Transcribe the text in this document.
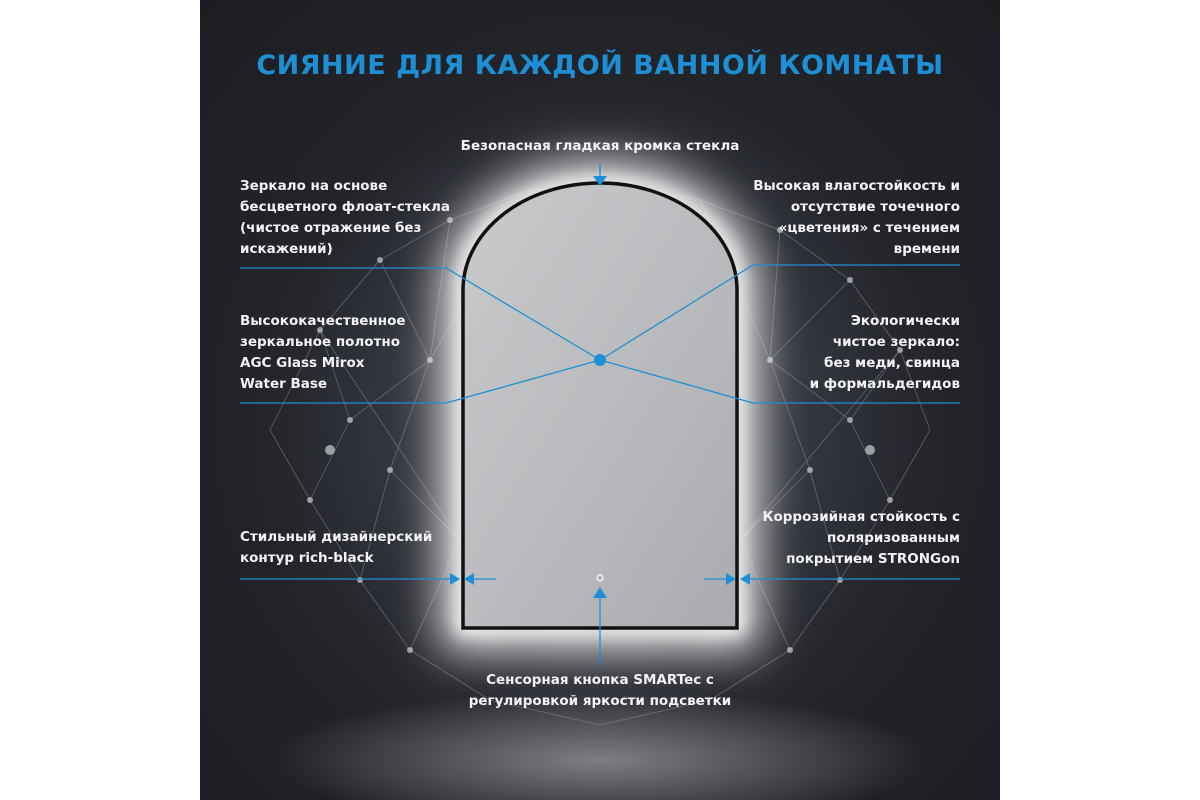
СИЯНИЕ ДЛЯ КАЖДОЙ ВАННОЙ КОМНАТЫ
Безопасная гладкая кромка стекла
Зеркало на основе
бесцветного флоат-стекла
(чистое отражение без
искажений)
Высококачественное
зеркальное полотно
AGC Glass Mirox
Water Base
Стильный дизайнерский
контур rich-black
Высокая влагостойкость и
отсутствие точечного
«цветения» с течением
времени
Экологически
чистое зеркало:
без меди, свинца
и формальдегидов
Коррозийная стойкость с
поляризованным
покрытием STRONGon
Сенсорная кнопка SMARTec с
регулировкой яркости подсветки
